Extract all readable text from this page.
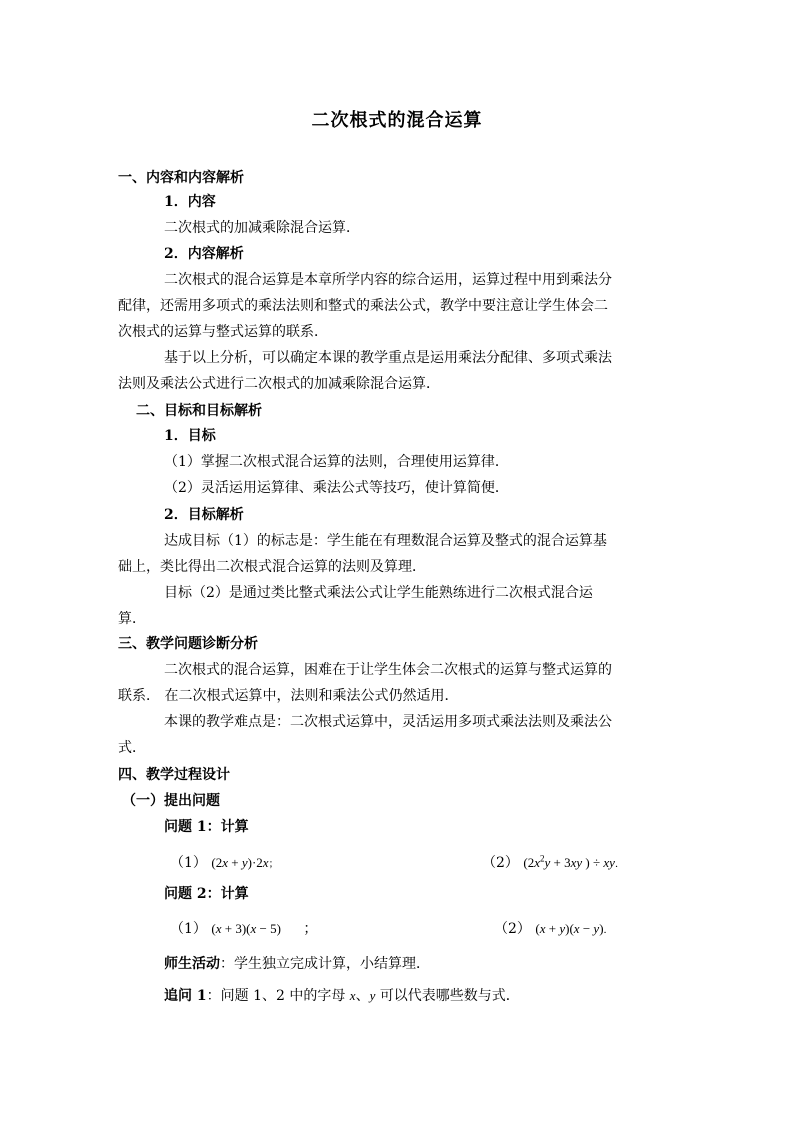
二次根式的混合运算
一、内容和内容解析
1．内容
二次根式的加减乘除混合运算．
2．内容解析
二次根式的混合运算是本章所学内容的综合运用，运算过程中用到乘法分
配律，还需用多项式的乘法法则和整式的乘法公式，教学中要注意让学生体会二
次根式的运算与整式运算的联系．
基于以上分析，可以确定本课的教学重点是运用乘法分配律、多项式乘法
法则及乘法公式进行二次根式的加减乘除混合运算．
二、目标和目标解析
1．目标
（1）掌握二次根式混合运算的法则，合理使用运算律．
（2）灵活运用运算律、乘法公式等技巧，使计算简便．
2．目标解析
达成目标（1）的标志是：学生能在有理数混合运算及整式的混合运算基
础上，类比得出二次根式混合运算的法则及算理．
目标（2）是通过类比整式乘法公式让学生能熟练进行二次根式混合运
算．
三、教学问题诊断分析
二次根式的混合运算，困难在于让学生体会二次根式的运算与整式运算的
联系． 在二次根式运算中，法则和乘法公式仍然适用．
本课的教学难点是：二次根式运算中，灵活运用多项式乘法法则及乘法公
式．
四、教学过程设计
（一）提出问题
问题 1：计算
（1） (2x + y)·2x；	（2） ($2x^2y + 3xy$ ) ÷ xy．
问题 2：计算
（1） (x + 3)(x − 5) ；	（2） (x + y)(x − y)．
师生活动：学生独立完成计算，小结算理．
追问 1：问题 1、2 中的字母 x、y 可以代表哪些数与式．
